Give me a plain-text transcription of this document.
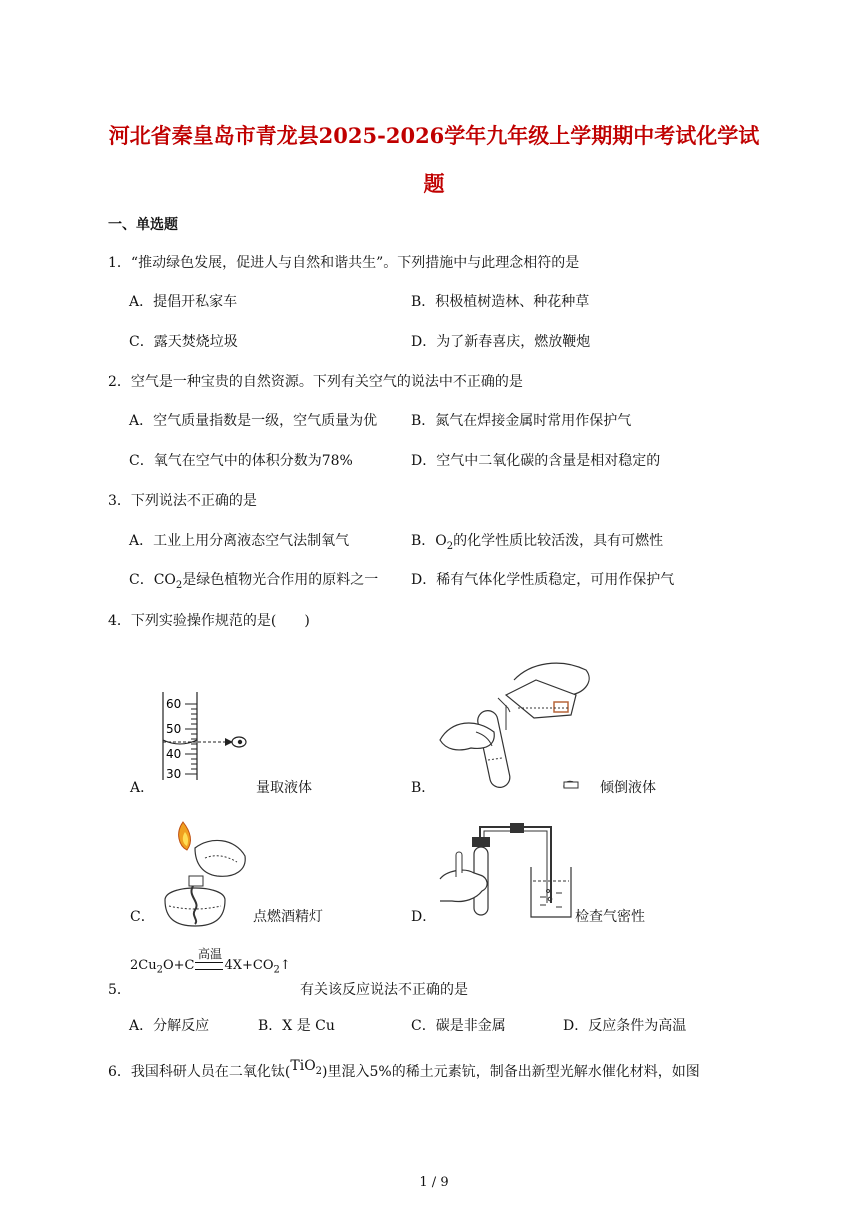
河北省秦皇岛市青龙县2025-2026学年九年级上学期期中考试化学试
题
一、单选题
1．“推动绿色发展，促进人与自然和谐共生”。下列措施中与此理念相符的是
A．提倡开私家车	B．积极植树造林、种花种草
C．露天焚烧垃圾	D．为了新春喜庆，燃放鞭炮
2．空气是一种宝贵的自然资源。下列有关空气的说法中不正确的是
A．空气质量指数是一级，空气质量为优 B．氮气在焊接金属时常用作保护气
C．氧气在空气中的体积分数为78%	D．空气中二氧化碳的含量是相对稳定的
3．下列说法不正确的是
A．工业上用分离液态空气法制氧气	B．$O_2$的化学性质比较活泼，具有可燃性
C．$CO_2$是绿色植物光合作用的原料之一 D．稀有气体化学性质稳定，可用作保护气
4．下列实验操作规范的是(　　)
60
50
40
30
A．	量取液体	B．	倾倒液体
C．	点燃酒精灯	D．	检查气密性
高温
$2Cu_2O+C$ $4X+CO_2↑$
5．	有关该反应说法不正确的是
A．分解反应	B．X 是 Cu	C．碳是非金属	D．反应条件为高温
6．我国科研人员在二氧化钛(TiO$_2$)里混入5%的稀土元素钪，制备出新型光解水催化材料，如图
1 / 9
